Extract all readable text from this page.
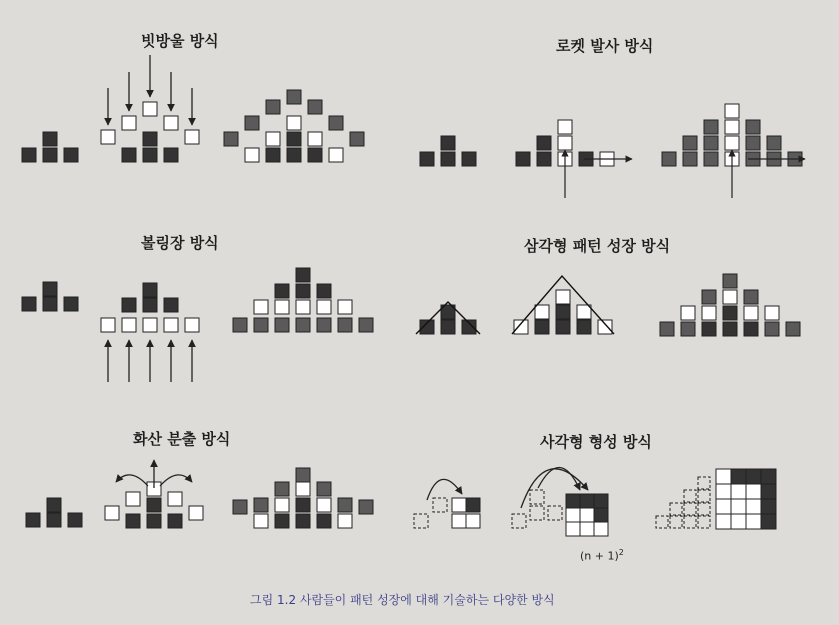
빗방울 방식	로켓 발사 방식
볼링장 방식	삼각형 패턴 성장 방식
화산 분출 방식	사각형 형성 방식
$(n + 1)^2$
그림 1.2 사람들이 패턴 성장에 대해 기술하는 다양한 방식
